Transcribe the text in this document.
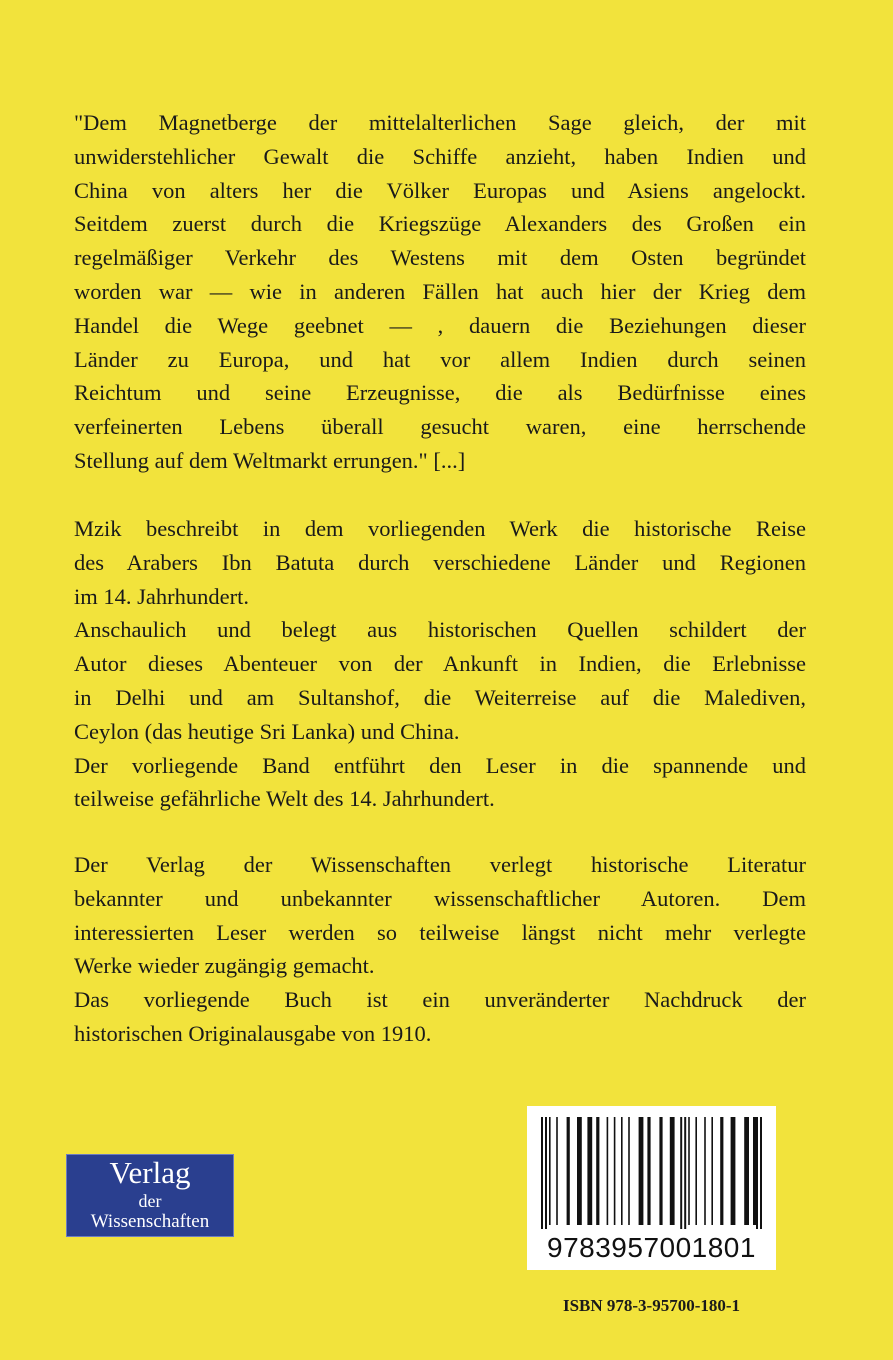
"Dem Magnetberge der mittelalterlichen Sage gleich, der mit
unwiderstehlicher Gewalt die Schiffe anzieht, haben Indien und
China von alters her die Völker Europas und Asiens angelockt.
Seitdem zuerst durch die Kriegszüge Alexanders des Großen ein
regelmäßiger Verkehr des Westens mit dem Osten begründet
worden war — wie in anderen Fällen hat auch hier der Krieg dem
Handel die Wege geebnet — , dauern die Beziehungen dieser
Länder zu Europa, und hat vor allem Indien durch seinen
Reichtum und seine Erzeugnisse, die als Bedürfnisse eines
verfeinerten Lebens überall gesucht waren, eine herrschende
Stellung auf dem Weltmarkt errungen." [...]
Mzik beschreibt in dem vorliegenden Werk die historische Reise
des Arabers Ibn Batuta durch verschiedene Länder und Regionen
im 14. Jahrhundert.
Anschaulich und belegt aus historischen Quellen schildert der
Autor dieses Abenteuer von der Ankunft in Indien, die Erlebnisse
in Delhi und am Sultanshof, die Weiterreise auf die Malediven,
Ceylon (das heutige Sri Lanka) und China.
Der vorliegende Band entführt den Leser in die spannende und
teilweise gefährliche Welt des 14. Jahrhundert.
Der Verlag der Wissenschaften verlegt historische Literatur
bekannter und unbekannter wissenschaftlicher Autoren. Dem
interessierten Leser werden so teilweise längst nicht mehr verlegte
Werke wieder zugängig gemacht.
Das vorliegende Buch ist ein unveränderter Nachdruck der
historischen Originalausgabe von 1910.
Verlag
der
Wissenschaften
9783957001801
ISBN 978-3-95700-180-1
